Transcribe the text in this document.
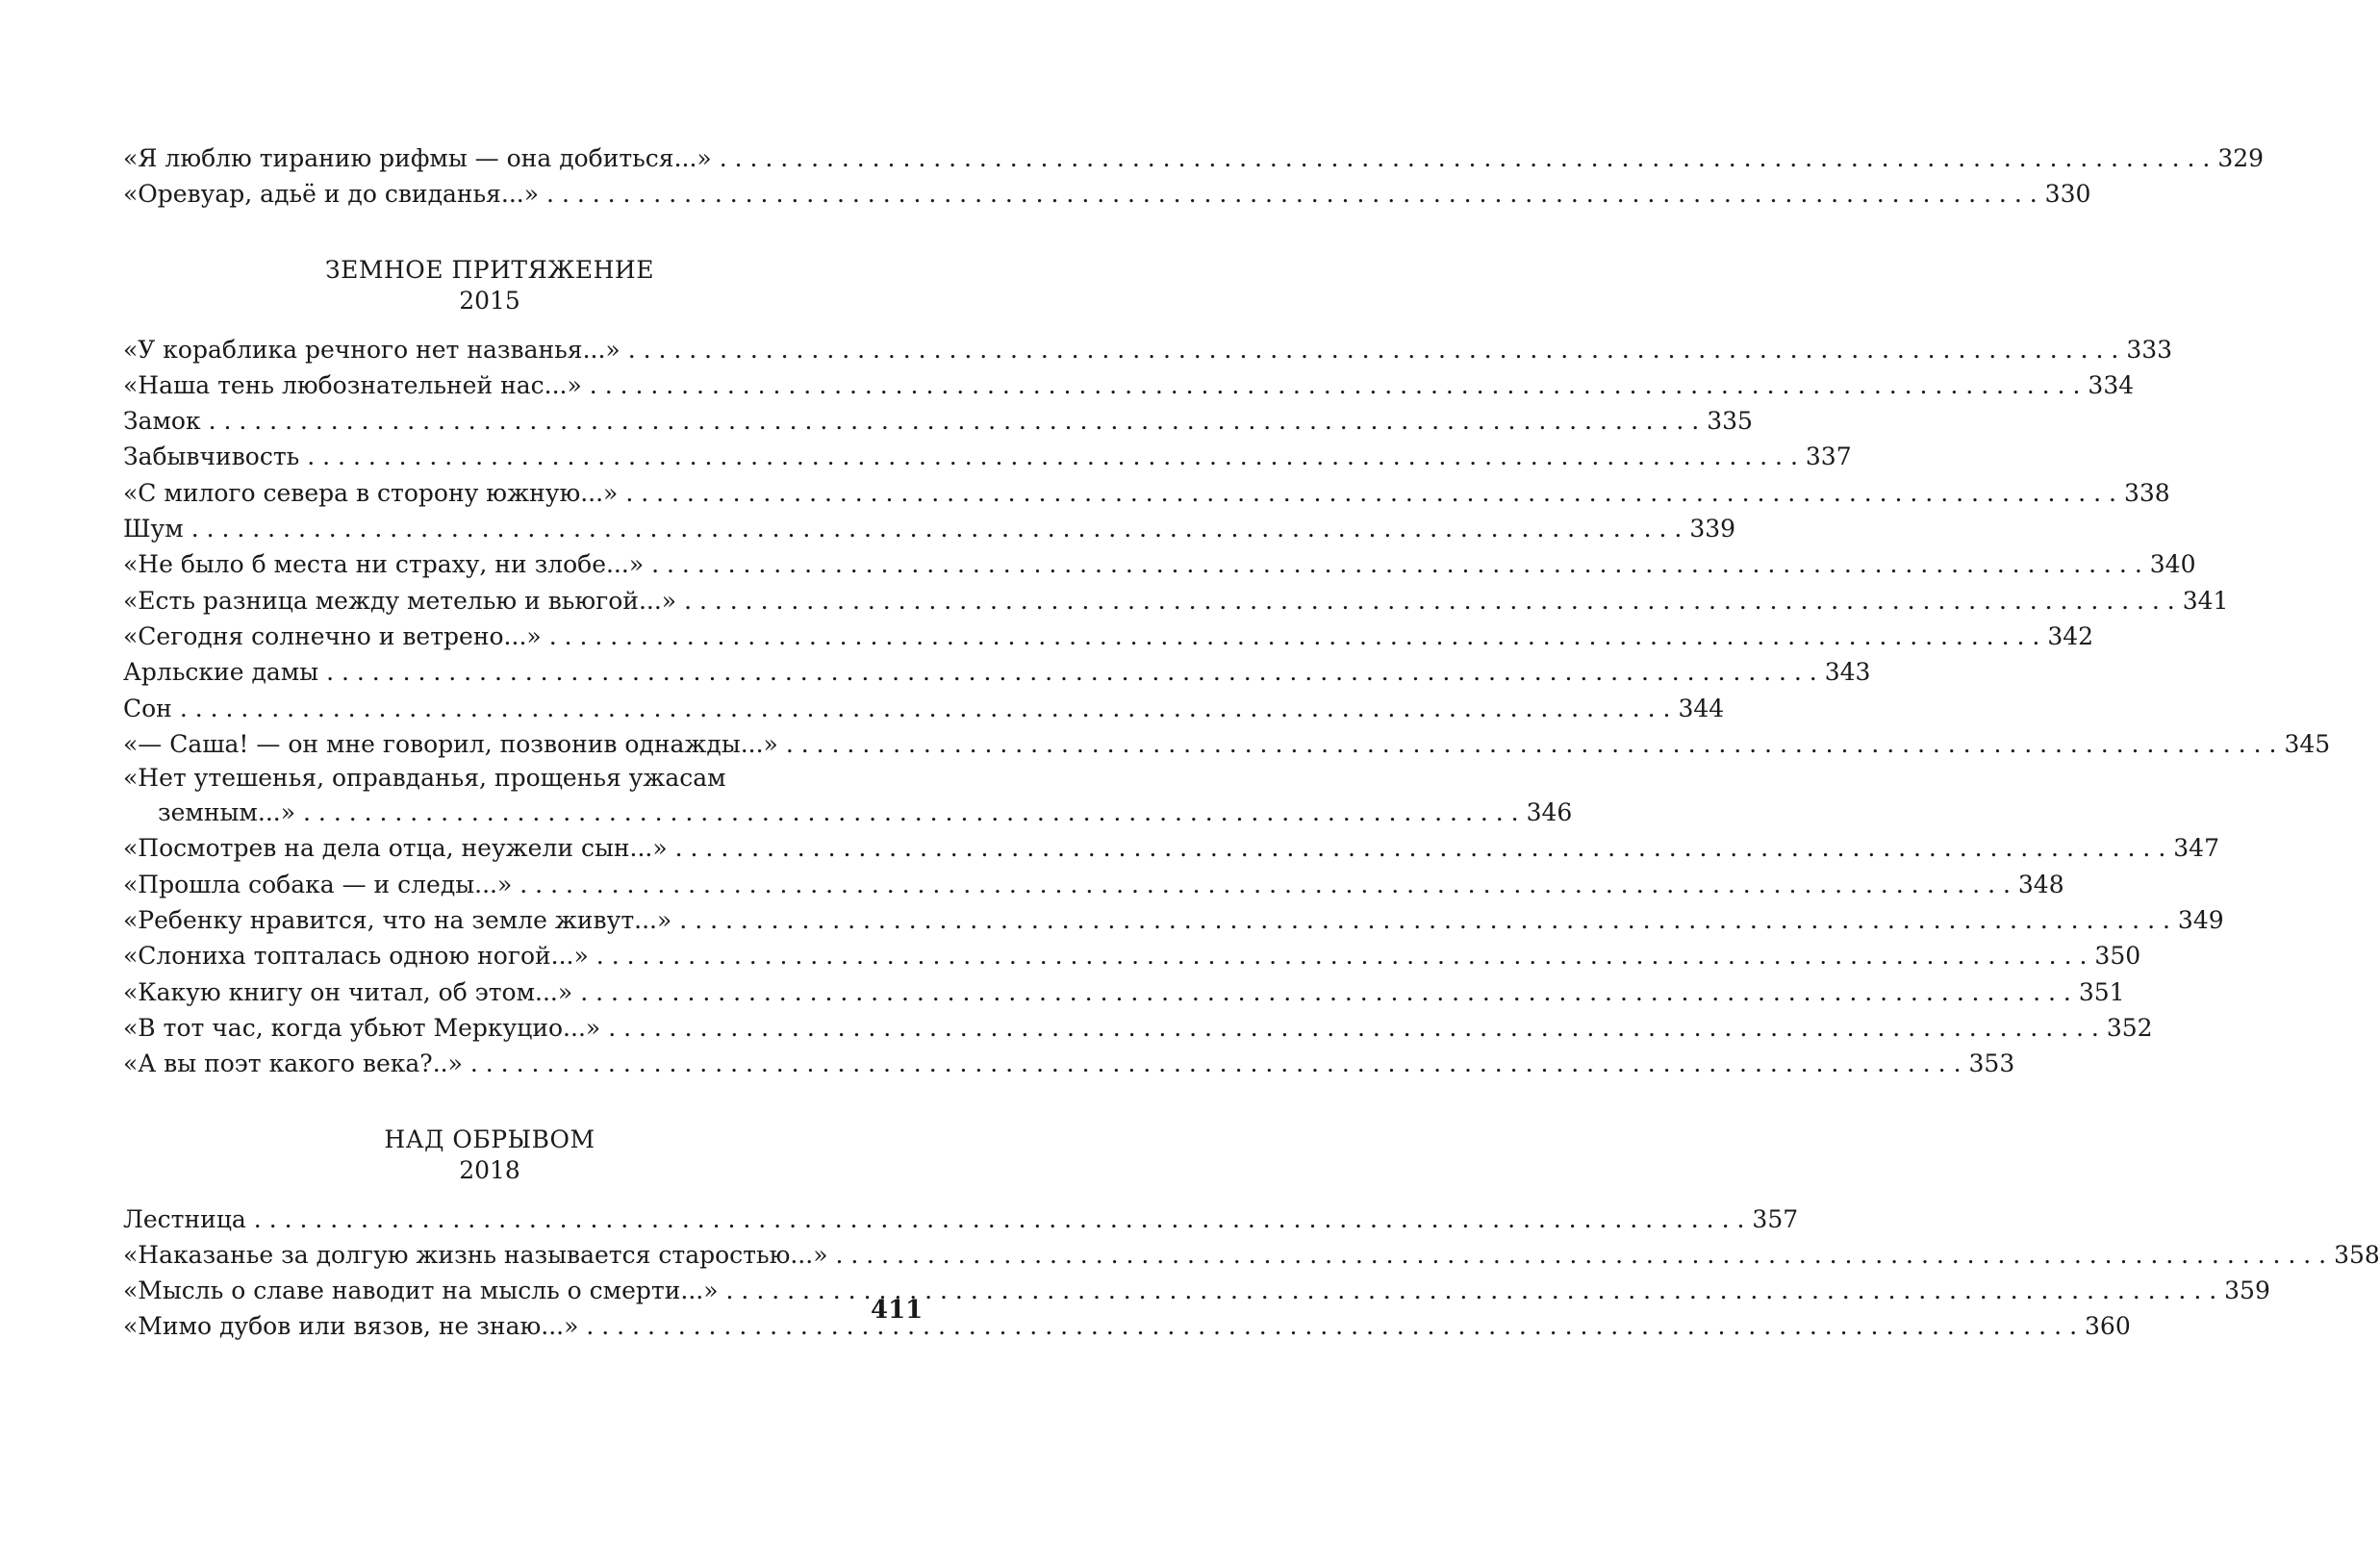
«Я люблю тиранию рифмы — она добиться...» . . .	329
«Оревуар, адьё и до свиданья...» . . .	330
ЗЕМНОЕ ПРИТЯЖЕНИЕ
2015
«У кораблика речного нет названья...» . . .	333
«Наша тень любознательней нас...» . . .	334
Замок . . .	335
Забывчивость . . .	337
«С милого севера в сторону южную...» . . .	338
Шум . . .	339
«Не было б места ни страху, ни злобе...» . . .	340
«Есть разница между метелью и вьюгой...» . . .	341
«Сегодня солнечно и ветрено...» . . .	342
Арльские дамы . . .	343
Сон . . .	344
«— Саша! — он мне говорил, позвонив однажды...» . . .	345
«Нет утешенья, оправданья, прощенья ужасам
земным...» . . .	346
«Посмотрев на дела отца, неужели сын...» . . .	347
«Прошла собака — и следы...» . . .	348
«Ребенку нравится, что на земле живут...» . . .	349
«Слониха топталась одною ногой...» . . .	350
«Какую книгу он читал, об этом...» . . .	351
«В тот час, когда убьют Меркуцио...» . . .	352
«А вы поэт какого века?..» . . .	353
НАД ОБРЫВОМ
2018
Лестница . . .	357
«Наказанье за долгую жизнь называется старостью...» . . .	358
«Мысль о славе наводит на мысль о смерти...» . . .	359
«Мимо дубов или вязов, не знаю...» . . .	360
411
